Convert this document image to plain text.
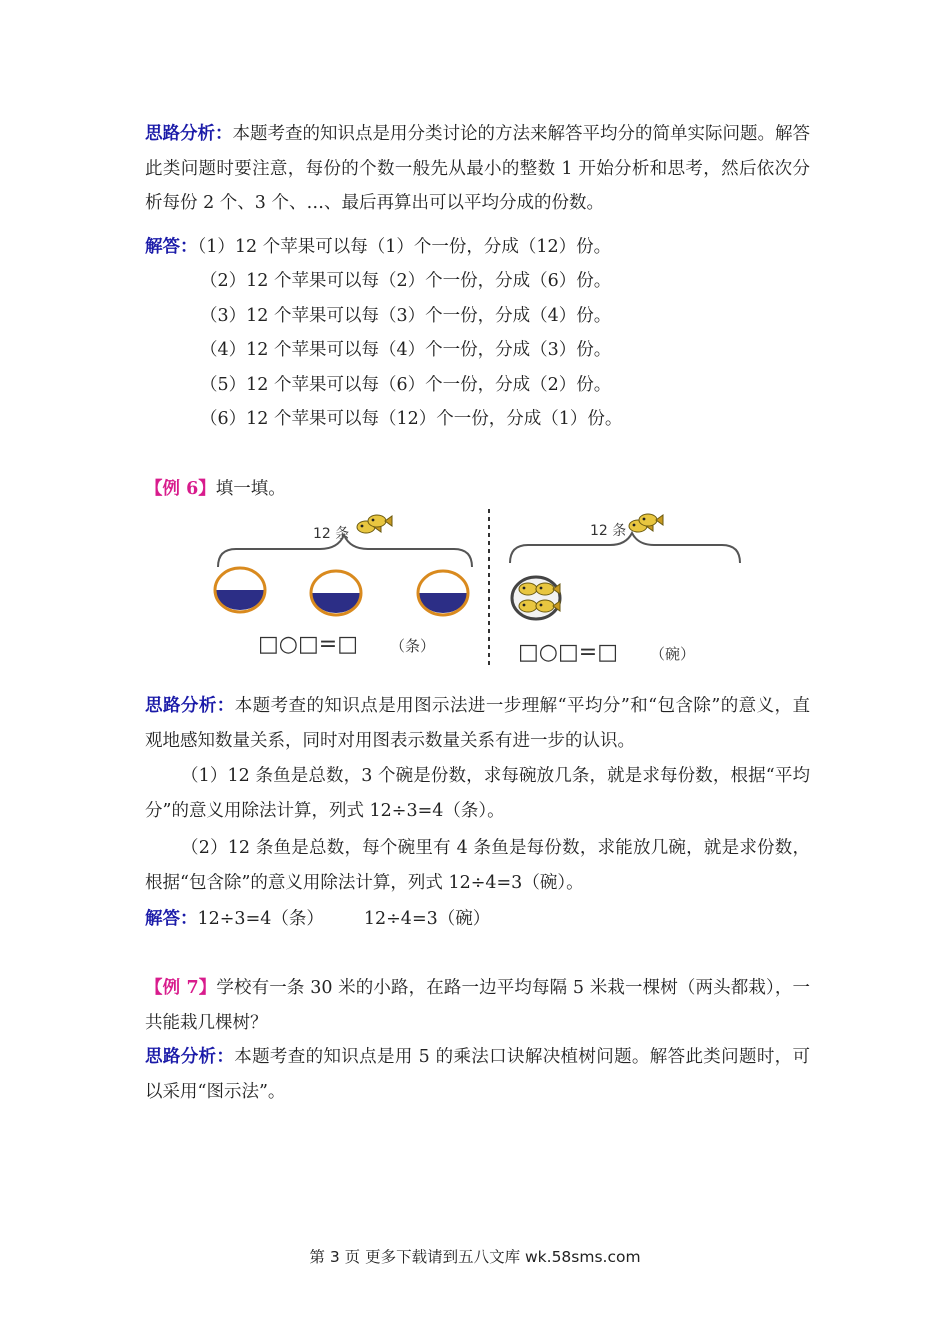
思路分析：本题考查的知识点是用分类讨论的方法来解答平均分的简单实际问题。解答此类问题时要注意，每份的个数一般先从最小的整数 1 开始分析和思考，然后依次分析每份 2 个、3 个、…、最后再算出可以平均分成的份数。

解答：（1）12 个苹果可以每（1）个一份，分成（12）份。
（2）12 个苹果可以每（2）个一份，分成（6）份。
（3）12 个苹果可以每（3）个一份，分成（4）份。
（4）12 个苹果可以每（4）个一份，分成（3）份。
（5）12 个苹果可以每（6）个一份，分成（2）份。
（6）12 个苹果可以每（12）个一份，分成（1）份。
【例 6】填一填。
12 条
□○□=□ （条）
12 条
□○□=□ （碗）

思路分析：本题考查的知识点是用图示法进一步理解“平均分”和“包含除”的意义，直观地感知数量关系，同时对用图表示数量关系有进一步的认识。

（1）12 条鱼是总数，3 个碗是份数，求每碗放几条，就是求每份数，根据“平均分”的意义用除法计算，列式 12÷3=4（条）。

（2）12 条鱼是总数，每个碗里有 4 条鱼是每份数，求能放几碗，就是求份数，根据“包含除”的意义用除法计算，列式 12÷4=3（碗）。

解答：12÷3=4（条） 12÷4=3（碗）

【例 7】学校有一条 30 米的小路，在路一边平均每隔 5 米栽一棵树（两头都栽），一共能栽几棵树？

思路分析：本题考查的知识点是用 5 的乘法口诀解决植树问题。解答此类问题时，可以采用“图示法”。

第 3 页 更多下载请到五八文库 wk.58sms.com
